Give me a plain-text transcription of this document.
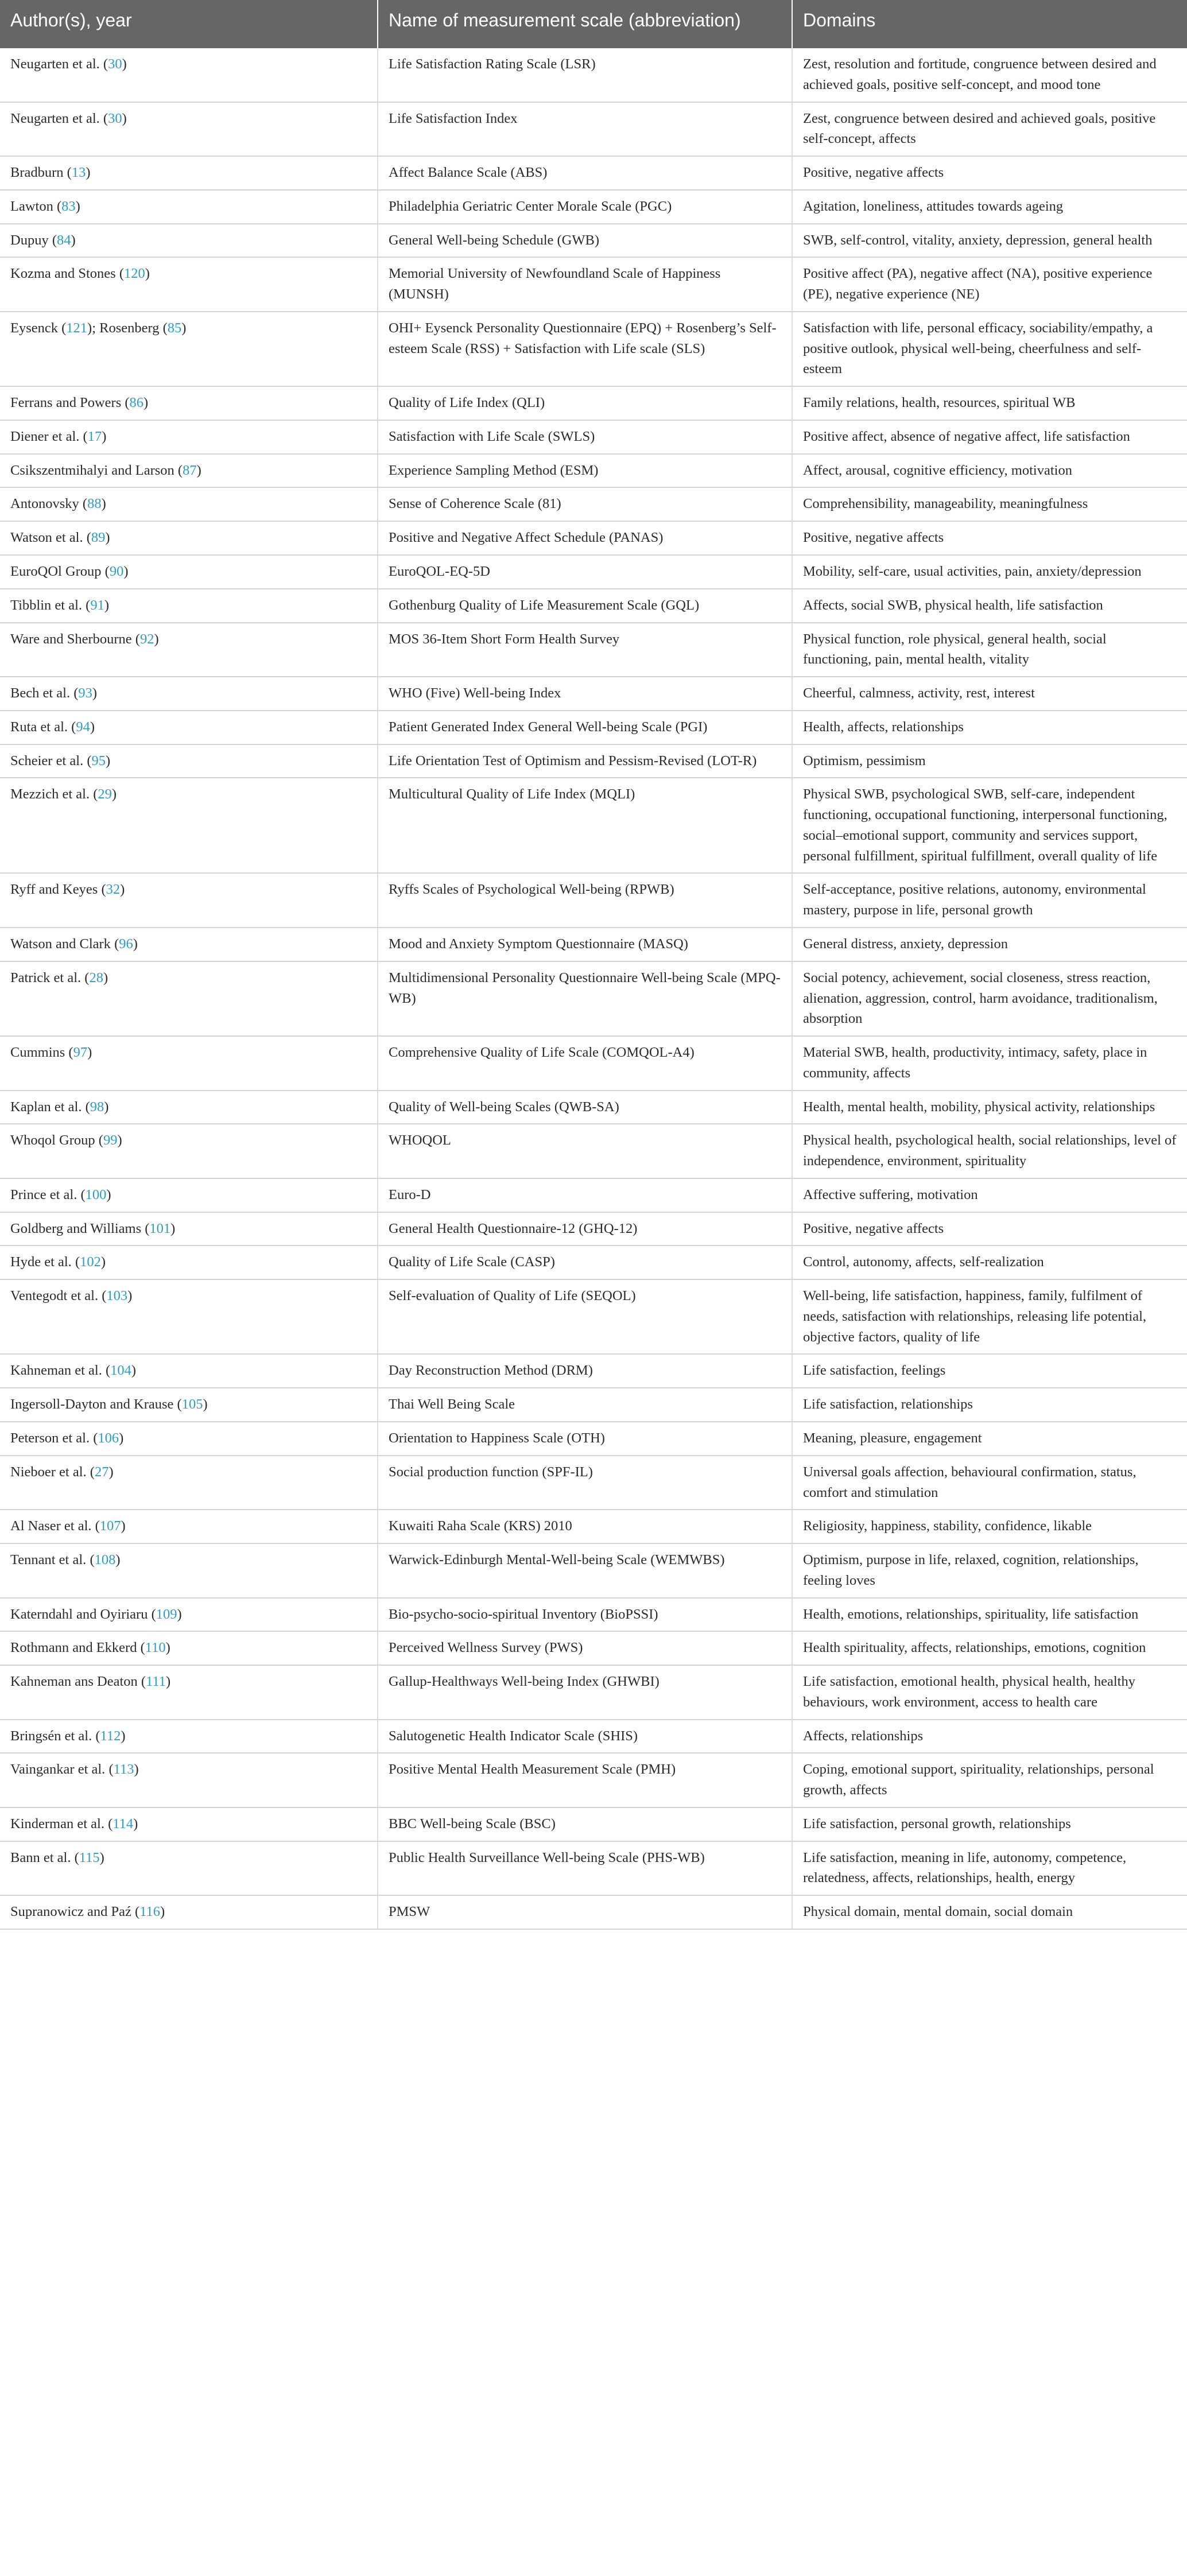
Author(s), year	Name of measurement scale (abbreviation)	Domains
Neugarten et al. (30)	Life Satisfaction Rating Scale (LSR)	Zest, resolution and fortitude, congruence between desired and achieved goals, positive self-concept, and mood tone
Neugarten et al. (30)	Life Satisfaction Index	Zest, congruence between desired and achieved goals, positive self-concept, affects
Bradburn (13)	Affect Balance Scale (ABS)	Positive, negative affects
Lawton (83)	Philadelphia Geriatric Center Morale Scale (PGC)	Agitation, loneliness, attitudes towards ageing
Dupuy (84)	General Well-being Schedule (GWB)	SWB, self-control, vitality, anxiety, depression, general health
Kozma and Stones (120)	Memorial University of Newfoundland Scale of Happiness (MUNSH)	Positive affect (PA), negative affect (NA), positive experience (PE), negative experience (NE)
Eysenck (121); Rosenberg (85)	OHI+ Eysenck Personality Questionnaire (EPQ) + Rosenberg’s Self-esteem Scale (RSS) + Satisfaction with Life scale (SLS)	Satisfaction with life, personal efficacy, sociability/empathy, a positive outlook, physical well-being, cheerfulness and self-esteem
Ferrans and Powers (86)	Quality of Life Index (QLI)	Family relations, health, resources, spiritual WB
Diener et al. (17)	Satisfaction with Life Scale (SWLS)	Positive affect, absence of negative affect, life satisfaction
Csikszentmihalyi and Larson (87)	Experience Sampling Method (ESM)	Affect, arousal, cognitive efficiency, motivation
Antonovsky (88)	Sense of Coherence Scale (81)	Comprehensibility, manageability, meaningfulness
Watson et al. (89)	Positive and Negative Affect Schedule (PANAS)	Positive, negative affects
EuroQOl Group (90)	EuroQOL-EQ-5D	Mobility, self-care, usual activities, pain, anxiety/depression
Tibblin et al. (91)	Gothenburg Quality of Life Measurement Scale (GQL)	Affects, social SWB, physical health, life satisfaction
Ware and Sherbourne (92)	MOS 36-Item Short Form Health Survey	Physical function, role physical, general health, social functioning, pain, mental health, vitality
Bech et al. (93)	WHO (Five) Well-being Index	Cheerful, calmness, activity, rest, interest
Ruta et al. (94)	Patient Generated Index General Well-being Scale (PGI)	Health, affects, relationships
Scheier et al. (95)	Life Orientation Test of Optimism and Pessism-Revised (LOT-R)	Optimism, pessimism
Mezzich et al. (29)	Multicultural Quality of Life Index (MQLI)	Physical SWB, psychological SWB, self-care, independent functioning, occupational functioning, interpersonal functioning, social–emotional support, community and services support, personal fulfillment, spiritual fulfillment, overall quality of life
Ryff and Keyes (32)	Ryffs Scales of Psychological Well-being (RPWB)	Self-acceptance, positive relations, autonomy, environmental mastery, purpose in life, personal growth
Watson and Clark (96)	Mood and Anxiety Symptom Questionnaire (MASQ)	General distress, anxiety, depression
Patrick et al. (28)	Multidimensional Personality Questionnaire Well-being Scale (MPQ-WB)	Social potency, achievement, social closeness, stress reaction, alienation, aggression, control, harm avoidance, traditionalism, absorption
Cummins (97)	Comprehensive Quality of Life Scale (COMQOL-A4)	Material SWB, health, productivity, intimacy, safety, place in community, affects
Kaplan et al. (98)	Quality of Well-being Scales (QWB-SA)	Health, mental health, mobility, physical activity, relationships
Whoqol Group (99)	WHOQOL	Physical health, psychological health, social relationships, level of independence, environment, spirituality
Prince et al. (100)	Euro-D	Affective suffering, motivation
Goldberg and Williams (101)	General Health Questionnaire-12 (GHQ-12)	Positive, negative affects
Hyde et al. (102)	Quality of Life Scale (CASP)	Control, autonomy, affects, self-realization
Ventegodt et al. (103)	Self-evaluation of Quality of Life (SEQOL)	Well-being, life satisfaction, happiness, family, fulfilment of needs, satisfaction with relationships, releasing life potential, objective factors, quality of life
Kahneman et al. (104)	Day Reconstruction Method (DRM)	Life satisfaction, feelings
Ingersoll-Dayton and Krause (105)	Thai Well Being Scale	Life satisfaction, relationships
Peterson et al. (106)	Orientation to Happiness Scale (OTH)	Meaning, pleasure, engagement
Nieboer et al. (27)	Social production function (SPF-IL)	Universal goals affection, behavioural confirmation, status, comfort and stimulation
Al Naser et al. (107)	Kuwaiti Raha Scale (KRS) 2010	Religiosity, happiness, stability, confidence, likable
Tennant et al. (108)	Warwick-Edinburgh Mental-Well-being Scale (WEMWBS)	Optimism, purpose in life, relaxed, cognition, relationships, feeling loves
Katerndahl and Oyiriaru (109)	Bio-psycho-socio-spiritual Inventory (BioPSSI)	Health, emotions, relationships, spirituality, life satisfaction
Rothmann and Ekkerd (110)	Perceived Wellness Survey (PWS)	Health spirituality, affects, relationships, emotions, cognition
Kahneman ans Deaton (111)	Gallup-Healthways Well-being Index (GHWBI)	Life satisfaction, emotional health, physical health, healthy behaviours, work environment, access to health care
Bringsén et al. (112)	Salutogenetic Health Indicator Scale (SHIS)	Affects, relationships
Vaingankar et al. (113)	Positive Mental Health Measurement Scale (PMH)	Coping, emotional support, spirituality, relationships, personal growth, affects
Kinderman et al. (114)	BBC Well-being Scale (BSC)	Life satisfaction, personal growth, relationships
Bann et al. (115)	Public Health Surveillance Well-being Scale (PHS-WB)	Life satisfaction, meaning in life, autonomy, competence, relatedness, affects, relationships, health, energy
Supranowicz and Paź (116)	PMSW	Physical domain, mental domain, social domain
